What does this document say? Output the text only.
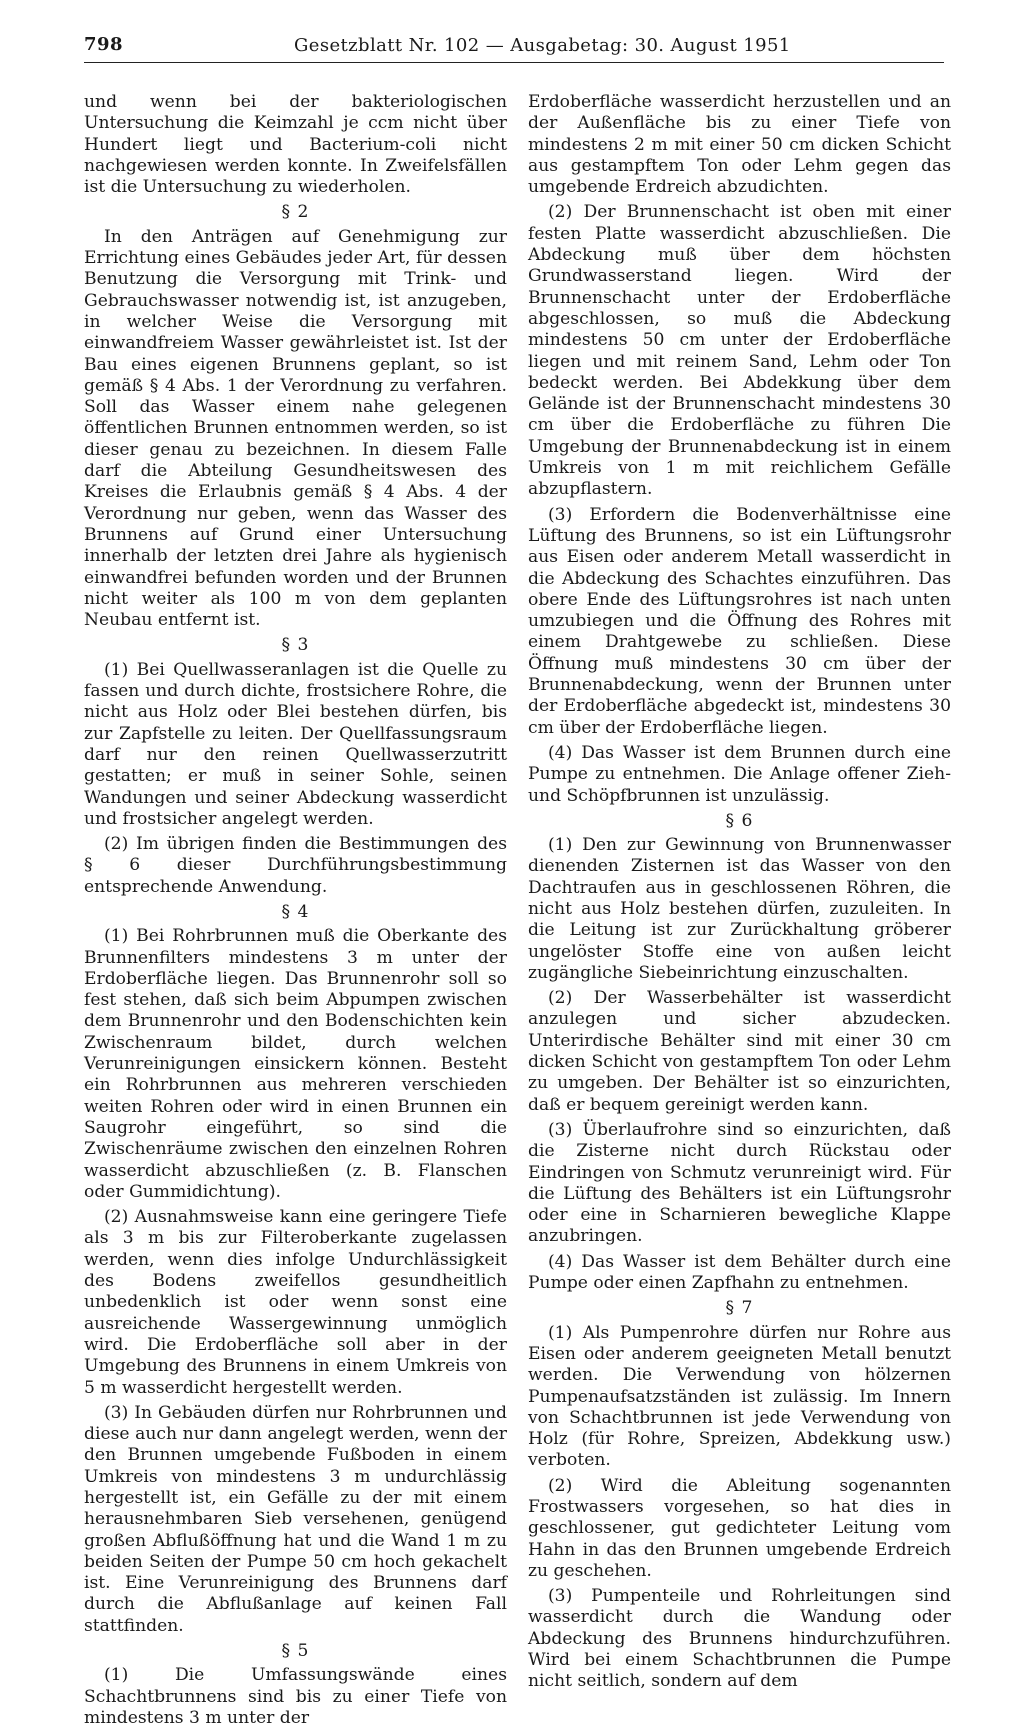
798	Gesetzblatt Nr. 102 — Ausgabetag: 30. August 1951

und wenn bei der bakteriologischen Untersuchung die Keimzahl je ccm nicht über Hundert liegt und Bacterium-coli nicht nachgewiesen werden konnte. In Zweifelsfällen ist die Untersuchung zu wiederholen.

§ 2

In den Anträgen auf Genehmigung zur Errichtung eines Gebäudes jeder Art, für dessen Benutzung die Versorgung mit Trink- und Gebrauchswasser notwendig ist, ist anzugeben, in welcher Weise die Versorgung mit einwandfreiem Wasser gewährleistet ist. Ist der Bau eines eigenen Brunnens geplant, so ist gemäß § 4 Abs. 1 der Verordnung zu verfahren. Soll das Wasser einem nahe gelegenen öffentlichen Brunnen entnommen werden, so ist dieser genau zu bezeichnen. In diesem Falle darf die Abteilung Gesundheitswesen des Kreises die Erlaubnis gemäß § 4 Abs. 4 der Verordnung nur geben, wenn das Wasser des Brunnens auf Grund einer Untersuchung innerhalb der letzten drei Jahre als hygienisch einwandfrei befunden worden und der Brunnen nicht weiter als 100 m von dem geplanten Neubau entfernt ist.

§ 3

(1) Bei Quellwasseranlagen ist die Quelle zu fassen und durch dichte, frostsichere Rohre, die nicht aus Holz oder Blei bestehen dürfen, bis zur Zapfstelle zu leiten. Der Quellfassungsraum darf nur den reinen Quellwasserzutritt gestatten; er muß in seiner Sohle, seinen Wandungen und seiner Abdeckung wasserdicht und frostsicher angelegt werden.

(2) Im übrigen finden die Bestimmungen des § 6 dieser Durchführungsbestimmung entsprechende Anwendung.

§ 4

(1) Bei Rohrbrunnen muß die Oberkante des Brunnenfilters mindestens 3 m unter der Erdoberfläche liegen. Das Brunnenrohr soll so fest stehen, daß sich beim Abpumpen zwischen dem Brunnenrohr und den Bodenschichten kein Zwischenraum bildet, durch welchen Verunreinigungen einsickern können. Besteht ein Rohrbrunnen aus mehreren verschieden weiten Rohren oder wird in einen Brunnen ein Saugrohr eingeführt, so sind die Zwischenräume zwischen den einzelnen Rohren wasserdicht abzuschließen (z. B. Flanschen oder Gummidichtung).

(2) Ausnahmsweise kann eine geringere Tiefe als 3 m bis zur Filteroberkante zugelassen werden, wenn dies infolge Undurchlässigkeit des Bodens zweifellos gesundheitlich unbedenklich ist oder wenn sonst eine ausreichende Wassergewinnung unmöglich wird. Die Erdoberfläche soll aber in der Umgebung des Brunnens in einem Umkreis von 5 m wasserdicht hergestellt werden.

(3) In Gebäuden dürfen nur Rohrbrunnen und diese auch nur dann angelegt werden, wenn der den Brunnen umgebende Fußboden in einem Umkreis von mindestens 3 m undurchlässig hergestellt ist, ein Gefälle zu der mit einem herausnehmbaren Sieb versehenen, genügend großen Abflußöffnung hat und die Wand 1 m zu beiden Seiten der Pumpe 50 cm hoch gekachelt ist. Eine Verunreinigung des Brunnens darf durch die Abflußanlage auf keinen Fall stattfinden.

§ 5

(1) Die Umfassungswände eines Schachtbrunnens sind bis zu einer Tiefe von mindestens 3 m unter der

Erdoberfläche wasserdicht herzustellen und an der Außenfläche bis zu einer Tiefe von mindestens 2 m mit einer 50 cm dicken Schicht aus gestampftem Ton oder Lehm gegen das umgebende Erdreich abzudichten.

(2) Der Brunnenschacht ist oben mit einer festen Platte wasserdicht abzuschließen. Die Abdeckung muß über dem höchsten Grundwasserstand liegen. Wird der Brunnenschacht unter der Erdoberfläche abgeschlossen, so muß die Abdeckung mindestens 50 cm unter der Erdoberfläche liegen und mit reinem Sand, Lehm oder Ton bedeckt werden. Bei Abdekkung über dem Gelände ist der Brunnenschacht mindestens 30 cm über die Erdoberfläche zu führen Die Umgebung der Brunnenabdeckung ist in einem Umkreis von 1 m mit reichlichem Gefälle abzupflastern.

(3) Erfordern die Bodenverhältnisse eine Lüftung des Brunnens, so ist ein Lüftungsrohr aus Eisen oder anderem Metall wasserdicht in die Abdeckung des Schachtes einzuführen. Das obere Ende des Lüftungsrohres ist nach unten umzubiegen und die Öffnung des Rohres mit einem Drahtgewebe zu schließen. Diese Öffnung muß mindestens 30 cm über der Brunnenabdeckung, wenn der Brunnen unter der Erdoberfläche abgedeckt ist, mindestens 30 cm über der Erdoberfläche liegen.

(4) Das Wasser ist dem Brunnen durch eine Pumpe zu entnehmen. Die Anlage offener Zieh- und Schöpfbrunnen ist unzulässig.

§ 6

(1) Den zur Gewinnung von Brunnenwasser dienenden Zisternen ist das Wasser von den Dachtraufen aus in geschlossenen Röhren, die nicht aus Holz bestehen dürfen, zuzuleiten. In die Leitung ist zur Zurückhaltung gröberer ungelöster Stoffe eine von außen leicht zugängliche Siebeinrichtung einzuschalten.

(2) Der Wasserbehälter ist wasserdicht anzulegen und sicher abzudecken. Unterirdische Behälter sind mit einer 30 cm dicken Schicht von gestampftem Ton oder Lehm zu umgeben. Der Behälter ist so einzurichten, daß er bequem gereinigt werden kann.

(3) Überlaufrohre sind so einzurichten, daß die Zisterne nicht durch Rückstau oder Eindringen von Schmutz verunreinigt wird. Für die Lüftung des Behälters ist ein Lüftungsrohr oder eine in Scharnieren bewegliche Klappe anzubringen.

(4) Das Wasser ist dem Behälter durch eine Pumpe oder einen Zapfhahn zu entnehmen.

§ 7

(1) Als Pumpenrohre dürfen nur Rohre aus Eisen oder anderem geeigneten Metall benutzt werden. Die Verwendung von hölzernen Pumpenaufsatzständen ist zulässig. Im Innern von Schachtbrunnen ist jede Verwendung von Holz (für Rohre, Spreizen, Abdekkung usw.) verboten.

(2) Wird die Ableitung sogenannten Frostwassers vorgesehen, so hat dies in geschlossener, gut gedichteter Leitung vom Hahn in das den Brunnen umgebende Erdreich zu geschehen.

(3) Pumpenteile und Rohrleitungen sind wasserdicht durch die Wandung oder Abdeckung des Brunnens hindurchzuführen. Wird bei einem Schachtbrunnen die Pumpe nicht seitlich, sondern auf dem
